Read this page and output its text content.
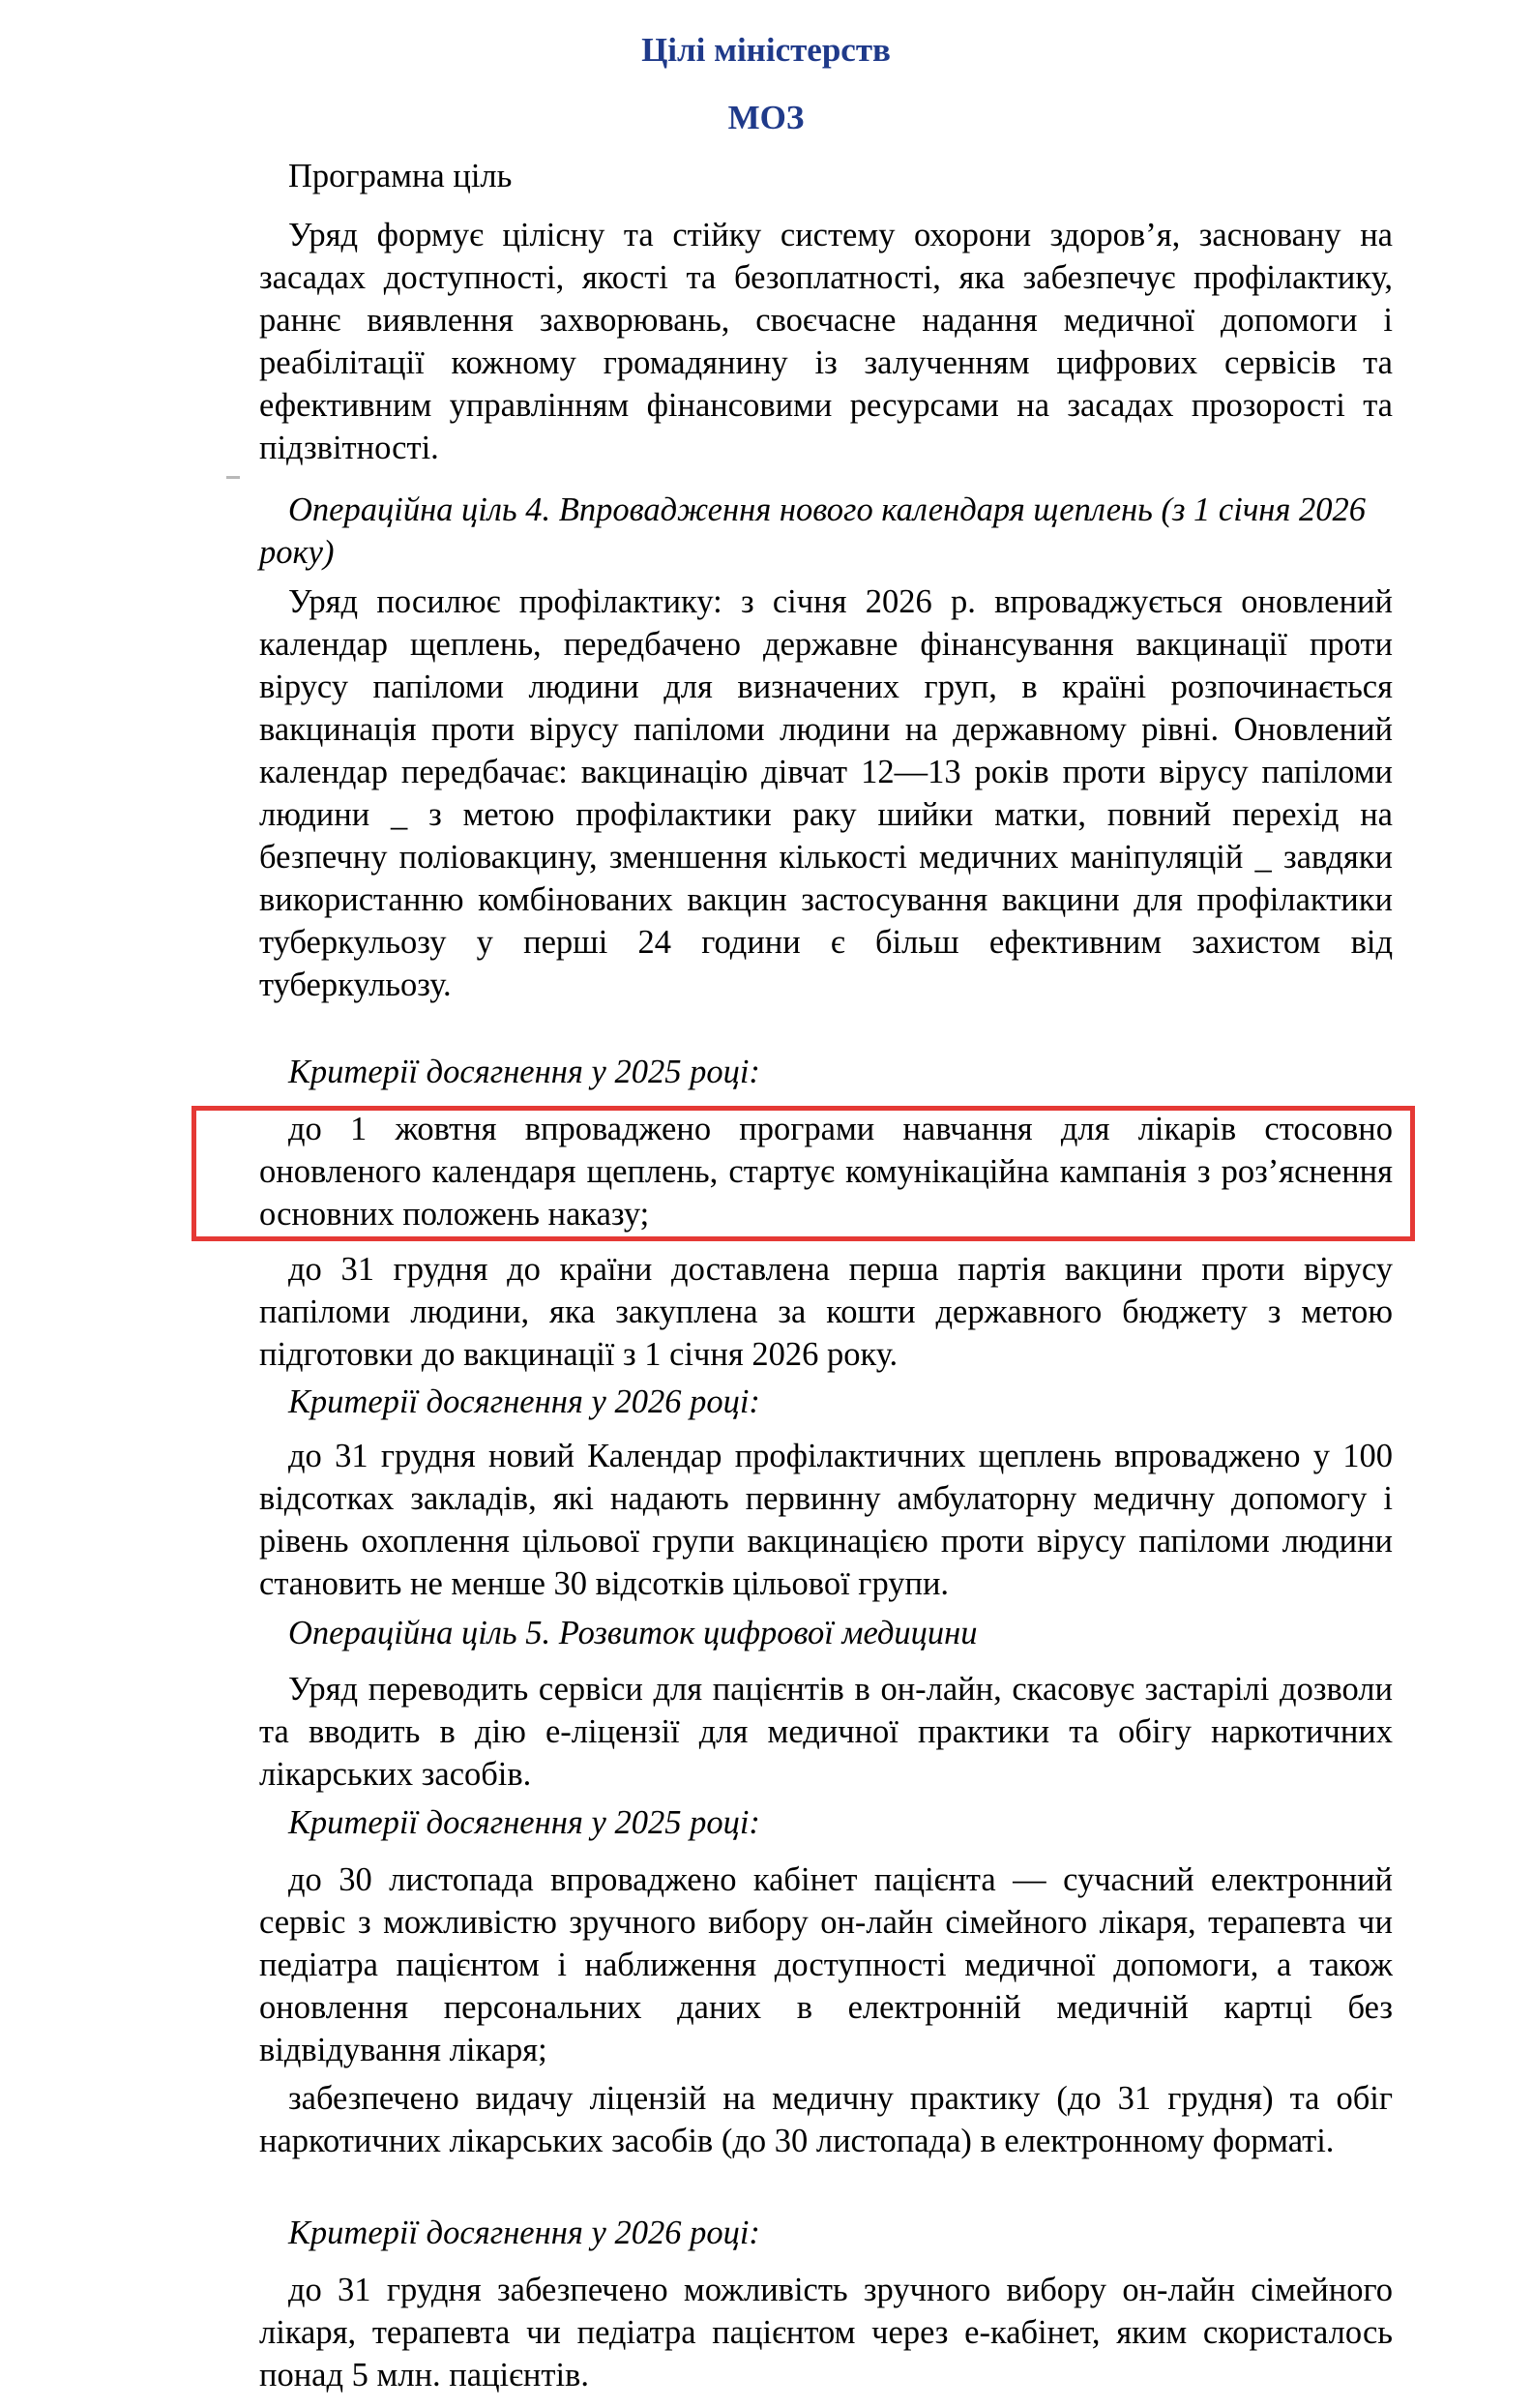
Цілі міністерств
МОЗ

Програмна ціль

Уряд формує цілісну та стійку систему охорони здоров’я, засновану на засадах доступності, якості та безоплатності, яка забезпечує профілактику, раннє виявлення захворювань, своєчасне надання медичної допомоги і реабілітації кожному громадянину із залученням цифрових сервісів та ефективним управлінням фінансовими ресурсами на засадах прозорості та підзвітності.

Операційна ціль 4. Впровадження нового календаря щеплень (з 1 січня 2026 року)

Уряд посилює профілактику: з січня 2026 р. впроваджується оновлений календар щеплень, передбачено державне фінансування вакцинації проти вірусу папіломи людини для визначених груп, в країні розпочинається вакцинація проти вірусу папіломи людини на державному рівні. Оновлений календар передбачає: вакцинацію дівчат 12—13 років проти вірусу папіломи людини _ з метою профілактики раку шийки матки, повний перехід на безпечну поліовакцину, зменшення кількості медичних маніпуляцій _ завдяки використанню комбінованих вакцин застосування вакцини для профілактики туберкульозу у перші 24 години є більш ефективним захистом від туберкульозу.

Критерії досягнення у 2025 році:

до 1 жовтня впроваджено програми навчання для лікарів стосовно оновленого календаря щеплень, стартує комунікаційна кампанія з роз’яснення основних положень наказу;

до 31 грудня до країни доставлена перша партія вакцини проти вірусу папіломи людини, яка закуплена за кошти державного бюджету з метою підготовки до вакцинації з 1 січня 2026 року.

Критерії досягнення у 2026 році:

до 31 грудня новий Календар профілактичних щеплень впроваджено у 100 відсотках закладів, які надають первинну амбулаторну медичну допомогу і рівень охоплення цільової групи вакцинацією проти вірусу папіломи людини становить не менше 30 відсотків цільової групи.

Операційна ціль 5. Розвиток цифрової медицини

Уряд переводить сервіси для пацієнтів в он-лайн, скасовує застарілі дозволи та вводить в дію е-ліцензії для медичної практики та обігу наркотичних лікарських засобів.

Критерії досягнення у 2025 році:

до 30 листопада впроваджено кабінет пацієнта — сучасний електронний сервіс з можливістю зручного вибору он-лайн сімейного лікаря, терапевта чи педіатра пацієнтом і наближення доступності медичної допомоги, а також оновлення персональних даних в електронній медичній картці без відвідування лікаря;

забезпечено видачу ліцензій на медичну практику (до 31 грудня) та обіг наркотичних лікарських засобів (до 30 листопада) в електронному форматі.

Критерії досягнення у 2026 році:

до 31 грудня забезпечено можливість зручного вибору он-лайн сімейного лікаря, терапевта чи педіатра пацієнтом через е-кабінет, яким скористалось понад 5 млн. пацієнтів.
